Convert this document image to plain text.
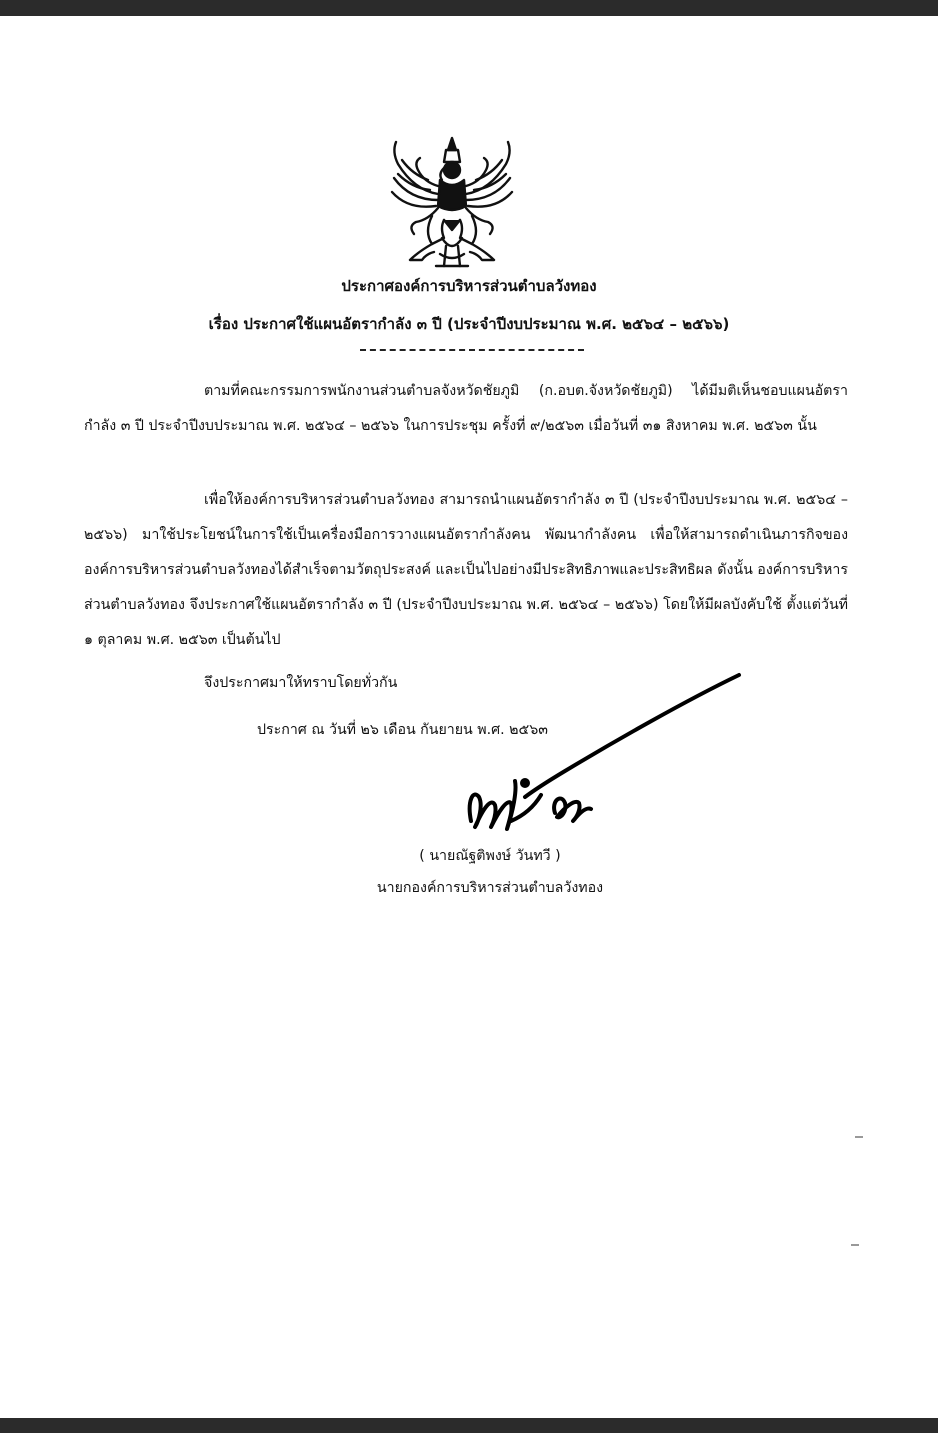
ประกาศองค์การบริหารส่วนตำบลวังทอง
เรื่อง ประกาศใช้แผนอัตรากำลัง ๓ ปี (ประจำปีงบประมาณ พ.ศ. ๒๕๖๔ – ๒๕๖๖)
ตามที่คณะกรรมการพนักงานส่วนตำบลจังหวัดชัยภูมิ (ก.อบต.จังหวัดชัยภูมิ) ได้มีมติเห็นชอบแผนอัตรากำลัง ๓ ปี ประจำปีงบประมาณ พ.ศ. ๒๕๖๔ – ๒๕๖๖ ในการประชุม ครั้งที่ ๙/๒๕๖๓ เมื่อวันที่ ๓๑ สิงหาคม พ.ศ. ๒๕๖๓ นั้น
เพื่อให้องค์การบริหารส่วนตำบลวังทอง สามารถนำแผนอัตรากำลัง ๓ ปี (ประจำปีงบประมาณ พ.ศ. ๒๕๖๔ – ๒๕๖๖) มาใช้ประโยชน์ในการใช้เป็นเครื่องมือการวางแผนอัตรากำลังคน พัฒนากำลังคน เพื่อให้สามารถดำเนินภารกิจขององค์การบริหารส่วนตำบลวังทองได้สำเร็จตามวัตถุประสงค์ และเป็นไปอย่างมีประสิทธิภาพและประสิทธิผล ดังนั้น องค์การบริหารส่วนตำบลวังทอง จึงประกาศใช้แผนอัตรากำลัง ๓ ปี (ประจำปีงบประมาณ พ.ศ. ๒๕๖๔ – ๒๕๖๖) โดยให้มีผลบังคับใช้ ตั้งแต่วันที่ ๑ ตุลาคม พ.ศ. ๒๕๖๓ เป็นต้นไป
จึงประกาศมาให้ทราบโดยทั่วกัน
ประกาศ ณ วันที่ ๒๖ เดือน กันยายน พ.ศ. ๒๕๖๓
( นายณัฐติพงษ์ วันทวี )
นายกองค์การบริหารส่วนตำบลวังทอง
